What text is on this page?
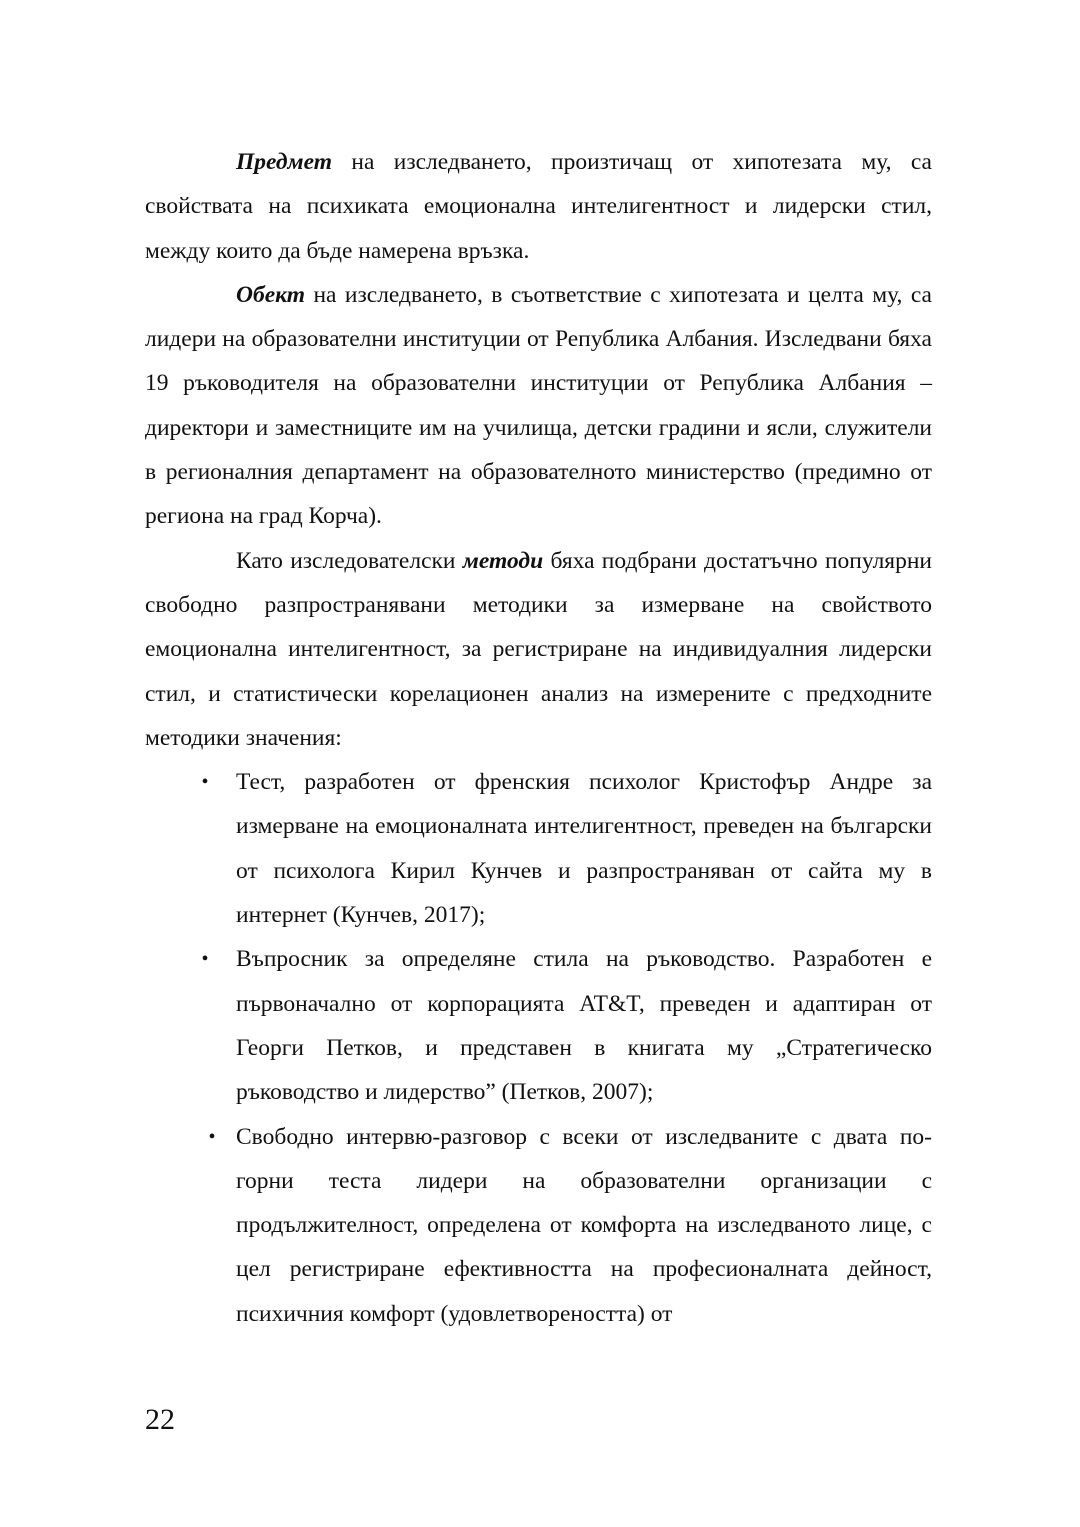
Предмет на изследването, произтичащ от хипотезата му, са свойствата на психиката емоционална интелигентност и лидерски стил, между които да бъде намерена връзка.

Обект на изследването, в съответствие с хипотезата и целта му, са лидери на образователни институции от Република Албания. Изследвани бяха 19 ръководителя на образователни институции от Република Албания – директори и заместниците им на училища, детски градини и ясли, служители в регионалния департамент на образователното министерство (предимно от региона на град Корча).

Като изследователски методи бяха подбрани достатъчно популярни свободно разпространявани методики за измерване на свойството емоционална интелигентност, за регистриране на индивидуалния лидерски стил, и статистически корелационен анализ на измерените с предходните методики значения:

• Тест, разработен от френския психолог Кристофър Андре за измерване на емоционалната интелигентност, преведен на български от психолога Кирил Кунчев и разпространяван от сайта му в интернет (Кунчев, 2017);
• Въпросник за определяне стила на ръководство. Разработен е първоначално от корпорацията AT&T, преведен и адаптиран от Георги Петков, и представен в книгата му „Стратегическо ръководство и лидерство” (Петков, 2007);
• Свободно интервю-разговор с всеки от изследваните с двата по-горни теста лидери на образователни организации с продължителност, определена от комфорта на изследваното лице, с цел регистриране ефективността на професионалната дейност, психичния комфорт (удовлетвореността) от
22
